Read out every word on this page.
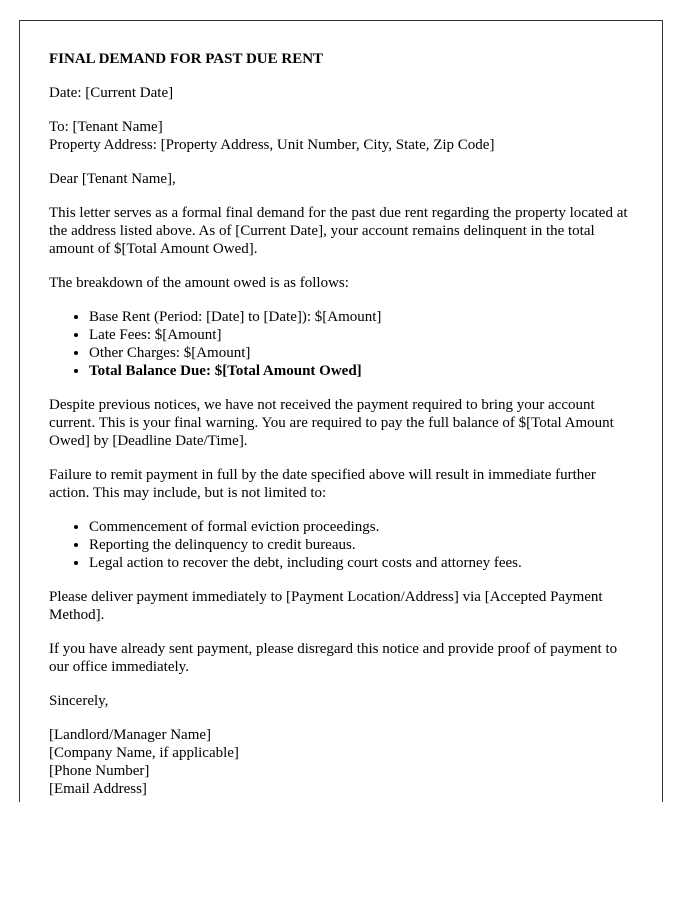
FINAL DEMAND FOR PAST DUE RENT

Date: [Current Date]

To: [Tenant Name]
Property Address: [Property Address, Unit Number, City, State, Zip Code]

Dear [Tenant Name],

This letter serves as a formal final demand for the past due rent regarding the property located at the address listed above. As of [Current Date], your account remains delinquent in the total amount of $[Total Amount Owed].

The breakdown of the amount owed is as follows:

• Base Rent (Period: [Date] to [Date]): $[Amount]
• Late Fees: $[Amount]
• Other Charges: $[Amount]
• Total Balance Due: $[Total Amount Owed]

Despite previous notices, we have not received the payment required to bring your account current. This is your final warning. You are required to pay the full balance of $[Total Amount Owed] by [Deadline Date/Time].

Failure to remit payment in full by the date specified above will result in immediate further action. This may include, but is not limited to:

• Commencement of formal eviction proceedings.
• Reporting the delinquency to credit bureaus.
• Legal action to recover the debt, including court costs and attorney fees.

Please deliver payment immediately to [Payment Location/Address] via [Accepted Payment Method].

If you have already sent payment, please disregard this notice and provide proof of payment to our office immediately.

Sincerely,

[Landlord/Manager Name]
[Company Name, if applicable]
[Phone Number]
[Email Address]
